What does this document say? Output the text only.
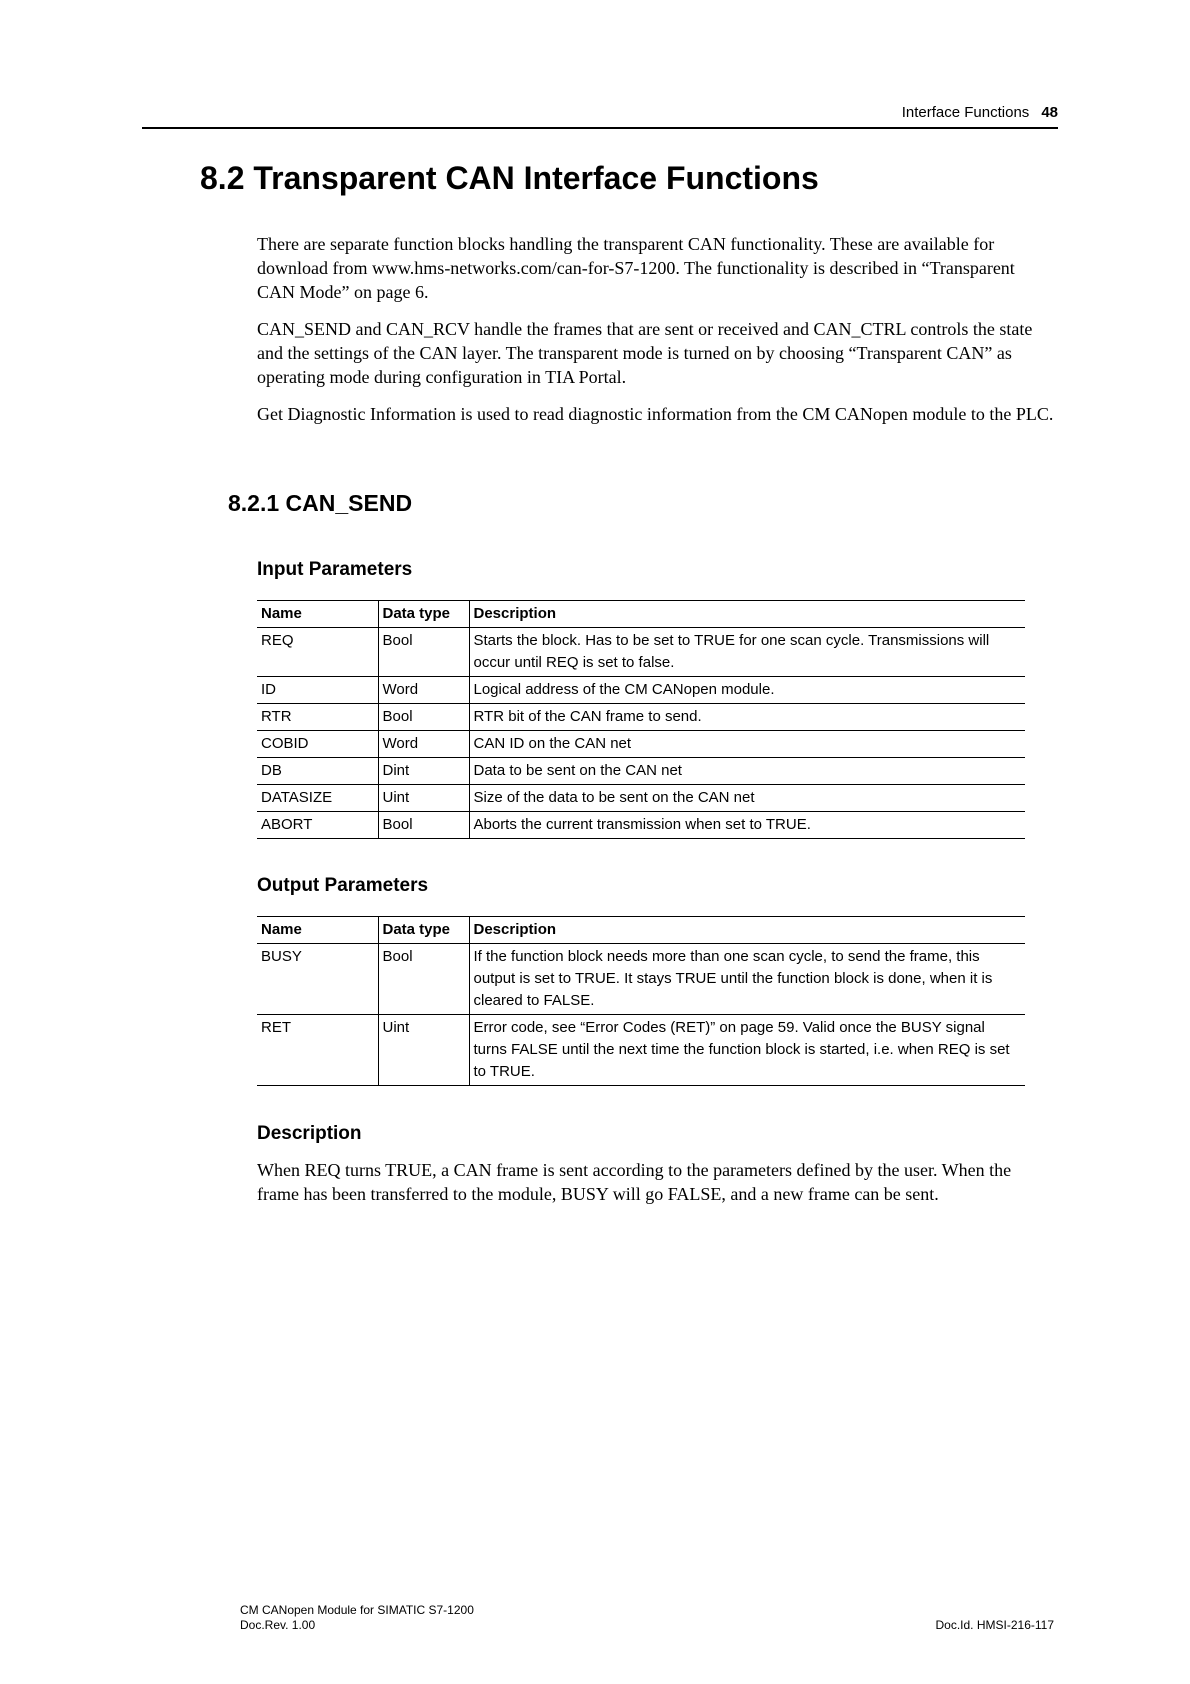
Interface Functions 48
8.2 Transparent CAN Interface Functions

There are separate function blocks handling the transparent CAN functionality. These are available for download from www.hms-networks.com/can-for-S7-1200. The functionality is described in “Transparent CAN Mode” on page 6.

CAN_SEND and CAN_RCV handle the frames that are sent or received and CAN_CTRL controls the state and the settings of the CAN layer. The transparent mode is turned on by choosing “Transparent CAN” as operating mode during configuration in TIA Portal.

Get Diagnostic Information is used to read diagnostic information from the CM CANopen module to the PLC.

8.2.1 CAN_SEND
Input Parameters
Name	Data type	Description
REQ	Bool	Starts the block. Has to be set to TRUE for one scan cycle. Transmissions will occur until REQ is set to false.
ID	Word	Logical address of the CM CANopen module.
RTR	Bool	RTR bit of the CAN frame to send.
COBID	Word	CAN ID on the CAN net
DB	Dint	Data to be sent on the CAN net
DATASIZE	Uint	Size of the data to be sent on the CAN net
ABORT	Bool	Aborts the current transmission when set to TRUE.
Output Parameters
Name	Data type	Description
BUSY	Bool	If the function block needs more than one scan cycle, to send the frame, this output is set to TRUE. It stays TRUE until the function block is done, when it is cleared to FALSE.
RET	Uint	Error code, see “Error Codes (RET)” on page 59. Valid once the BUSY signal turns FALSE until the next time the function block is started, i.e. when REQ is set to TRUE.
Description

When REQ turns TRUE, a CAN frame is sent according to the parameters defined by the user. When the frame has been transferred to the module, BUSY will go FALSE, and a new frame can be sent.

CM CANopen Module for SIMATIC S7-1200
Doc.Rev. 1.00	Doc.Id. HMSI-216-117
